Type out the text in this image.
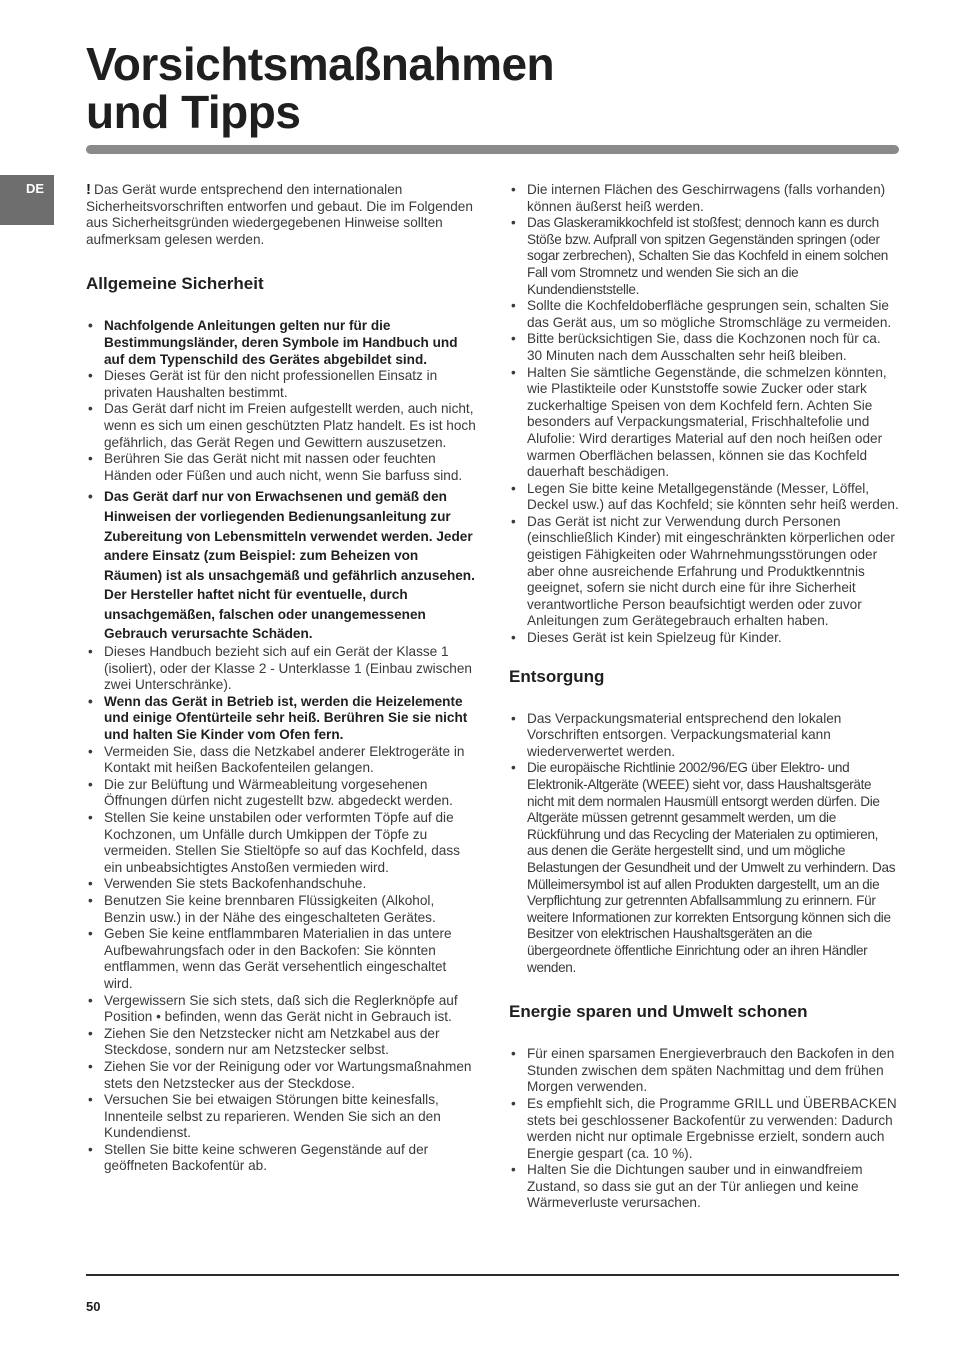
Vorsichtsmaßnahmen
und Tipps
DE	! Das Gerät wurde entsprechend den internationalen Sicherheitsvorschriften entworfen und gebaut. Die im Folgenden aus Sicherheitsgründen wiedergegebenen Hinweise sollten aufmerksam gelesen werden.

Allgemeine Sicherheit
• Nachfolgende Anleitungen gelten nur für die Bestimmungsländer, deren Symbole im Handbuch und auf dem Typenschild des Gerätes abgebildet sind.
• Dieses Gerät ist für den nicht professionellen Einsatz in privaten Haushalten bestimmt.
• Das Gerät darf nicht im Freien aufgestellt werden, auch nicht, wenn es sich um einen geschützten Platz handelt. Es ist hoch gefährlich, das Gerät Regen und Gewittern auszusetzen.
• Berühren Sie das Gerät nicht mit nassen oder feuchten Händen oder Füßen und auch nicht, wenn Sie barfuss sind.
• Das Gerät darf nur von Erwachsenen und gemäß den Hinweisen der vorliegenden Bedienungsanleitung zur Zubereitung von Lebensmitteln verwendet werden. Jeder andere Einsatz (zum Beispiel: zum Beheizen von Räumen) ist als unsachgemäß und gefährlich anzusehen. Der Hersteller haftet nicht für eventuelle, durch unsachgemäßen, falschen oder unangemessenen Gebrauch verursachte Schäden.
• Dieses Handbuch bezieht sich auf ein Gerät der Klasse 1 (isoliert), oder der Klasse 2 - Unterklasse 1 (Einbau zwischen zwei Unterschränke).
• Wenn das Gerät in Betrieb ist, werden die Heizelemente und einige Ofentürteile sehr heiß. Berühren Sie sie nicht und halten Sie Kinder vom Ofen fern.
• Vermeiden Sie, dass die Netzkabel anderer Elektrogeräte in Kontakt mit heißen Backofenteilen gelangen.
• Die zur Belüftung und Wärmeableitung vorgesehenen Öffnungen dürfen nicht zugestellt bzw. abgedeckt werden.
• Stellen Sie keine unstabilen oder verformten Töpfe auf die Kochzonen, um Unfälle durch Umkippen der Töpfe zu vermeiden. Stellen Sie Stieltöpfe so auf das Kochfeld, dass ein unbeabsichtigtes Anstoßen vermieden wird.
• Verwenden Sie stets Backofenhandschuhe.
• Benutzen Sie keine brennbaren Flüssigkeiten (Alkohol, Benzin usw.) in der Nähe des eingeschalteten Gerätes.
• Geben Sie keine entflammbaren Materialien in das untere Aufbewahrungsfach oder in den Backofen: Sie könnten entflammen, wenn das Gerät versehentlich eingeschaltet wird.
• Vergewissern Sie sich stets, daß sich die Reglerknöpfe auf Position • befinden, wenn das Gerät nicht in Gebrauch ist.
• Ziehen Sie den Netzstecker nicht am Netzkabel aus der Steckdose, sondern nur am Netzstecker selbst.
• Ziehen Sie vor der Reinigung oder vor Wartungsmaßnahmen stets den Netzstecker aus der Steckdose.
• Versuchen Sie bei etwaigen Störungen bitte keinesfalls, Innenteile selbst zu reparieren. Wenden Sie sich an den Kundendienst.
• Stellen Sie bitte keine schweren Gegenstände auf der geöffneten Backofentür ab.
• Die internen Flächen des Geschirrwagens (falls vorhanden) können äußerst heiß werden.
• Das Glaskeramikkochfeld ist stoßfest; dennoch kann es durch Stöße bzw. Aufprall von spitzen Gegenständen springen (oder sogar zerbrechen), Schalten Sie das Kochfeld in einem solchen Fall vom Stromnetz und wenden Sie sich an die Kundendienststelle.
• Sollte die Kochfeldoberfläche gesprungen sein, schalten Sie das Gerät aus, um so mögliche Stromschläge zu vermeiden.
• Bitte berücksichtigen Sie, dass die Kochzonen noch für ca. 30 Minuten nach dem Ausschalten sehr heiß bleiben.
• Halten Sie sämtliche Gegenstände, die schmelzen könnten, wie Plastikteile oder Kunststoffe sowie Zucker oder stark zuckerhaltige Speisen von dem Kochfeld fern. Achten Sie besonders auf Verpackungsmaterial, Frischhaltefolie und Alufolie: Wird derartiges Material auf den noch heißen oder warmen Oberflächen belassen, können sie das Kochfeld dauerhaft beschädigen.
• Legen Sie bitte keine Metallgegenstände (Messer, Löffel, Deckel usw.) auf das Kochfeld; sie könnten sehr heiß werden.
• Das Gerät ist nicht zur Verwendung durch Personen (einschließlich Kinder) mit eingeschränkten körperlichen oder geistigen Fähigkeiten oder Wahrnehmungsstörungen oder aber ohne ausreichende Erfahrung und Produktkenntnis geeignet, sofern sie nicht durch eine für ihre Sicherheit verantwortliche Person beaufsichtigt werden oder zuvor Anleitungen zum Gerätegebrauch erhalten haben.
• Dieses Gerät ist kein Spielzeug für Kinder.
Entsorgung
• Das Verpackungsmaterial entsprechend den lokalen Vorschriften entsorgen. Verpackungsmaterial kann wiederverwertet werden.
• Die europäische Richtlinie 2002/96/EG über Elektro- und Elektronik-Altgeräte (WEEE) sieht vor, dass Haushaltsgeräte nicht mit dem normalen Hausmüll entsorgt werden dürfen. Die Altgeräte müssen getrennt gesammelt werden, um die Rückführung und das Recycling der Materialen zu optimieren, aus denen die Geräte hergestellt sind, und um mögliche Belastungen der Gesundheit und der Umwelt zu verhindern. Das Mülleimersymbol ist auf allen Produkten dargestellt, um an die Verpflichtung zur getrennten Abfallsammlung zu erinnern. Für weitere Informationen zur korrekten Entsorgung können sich die Besitzer von elektrischen Haushaltsgeräten an die übergeordnete öffentliche Einrichtung oder an ihren Händler wenden.
Energie sparen und Umwelt schonen
• Für einen sparsamen Energieverbrauch den Backofen in den Stunden zwischen dem späten Nachmittag und dem frühen Morgen verwenden.
• Es empfiehlt sich, die Programme GRILL und ÜBERBACKEN stets bei geschlossener Backofentür zu verwenden: Dadurch werden nicht nur optimale Ergebnisse erzielt, sondern auch Energie gespart (ca. 10 %).
• Halten Sie die Dichtungen sauber und in einwandfreiem Zustand, so dass sie gut an der Tür anliegen und keine Wärmeverluste verursachen.
50
